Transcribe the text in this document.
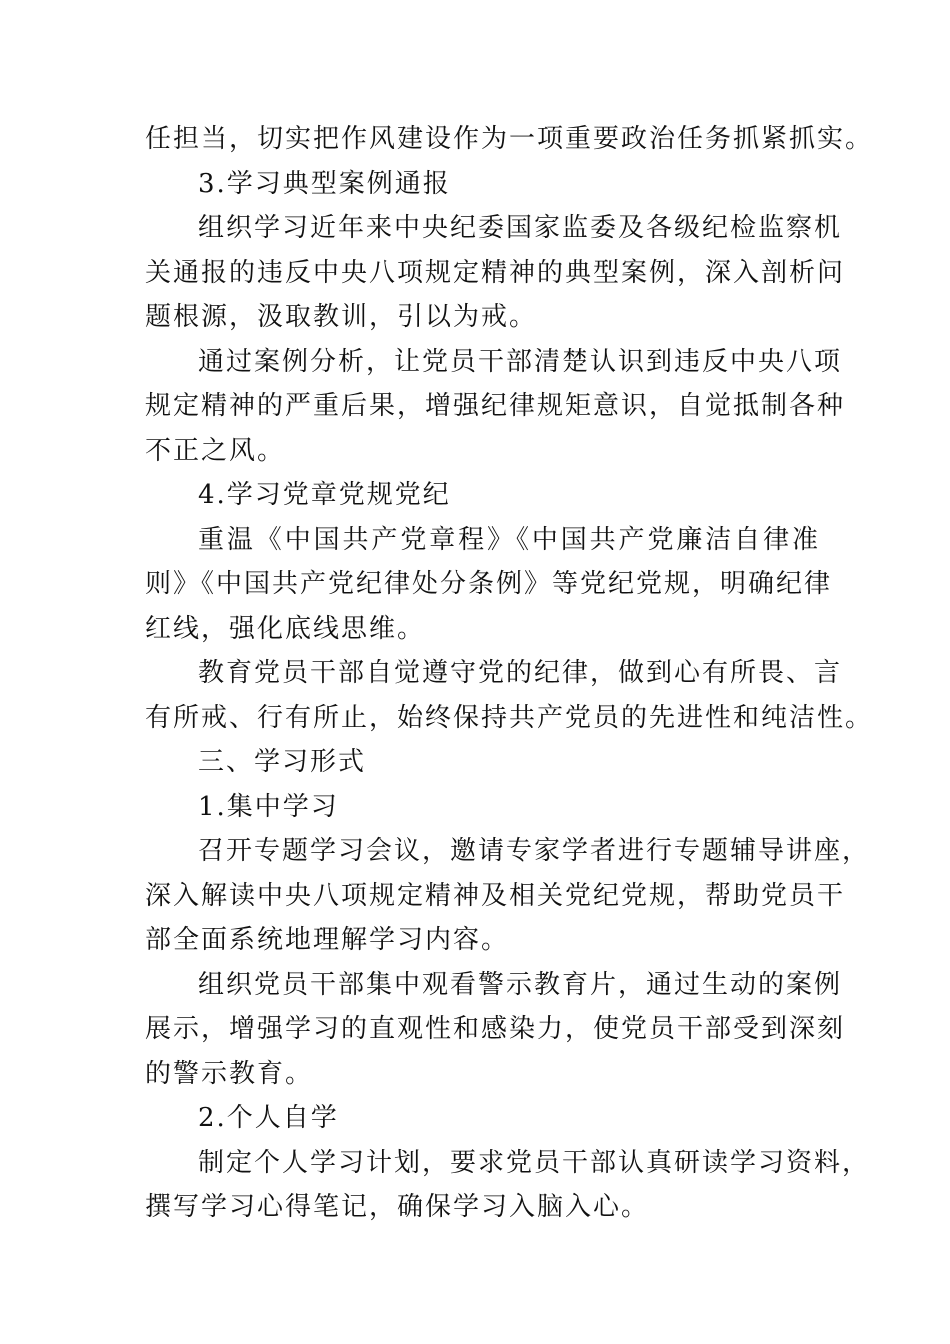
任担当，切实把作风建设作为一项重要政治任务抓紧抓实。
3.学习典型案例通报
组织学习近年来中央纪委国家监委及各级纪检监察机
关通报的违反中央八项规定精神的典型案例，深入剖析问
题根源，汲取教训，引以为戒。
通过案例分析，让党员干部清楚认识到违反中央八项
规定精神的严重后果，增强纪律规矩意识，自觉抵制各种
不正之风。
4.学习党章党规党纪
重温《中国共产党章程》《中国共产党廉洁自律准
则》《中国共产党纪律处分条例》等党纪党规，明确纪律
红线，强化底线思维。
教育党员干部自觉遵守党的纪律，做到心有所畏、言
有所戒、行有所止，始终保持共产党员的先进性和纯洁性。
三、学习形式
1.集中学习
召开专题学习会议，邀请专家学者进行专题辅导讲座，
深入解读中央八项规定精神及相关党纪党规，帮助党员干
部全面系统地理解学习内容。
组织党员干部集中观看警示教育片，通过生动的案例
展示，增强学习的直观性和感染力，使党员干部受到深刻
的警示教育。
2.个人自学
制定个人学习计划，要求党员干部认真研读学习资料，
撰写学习心得笔记，确保学习入脑入心。
